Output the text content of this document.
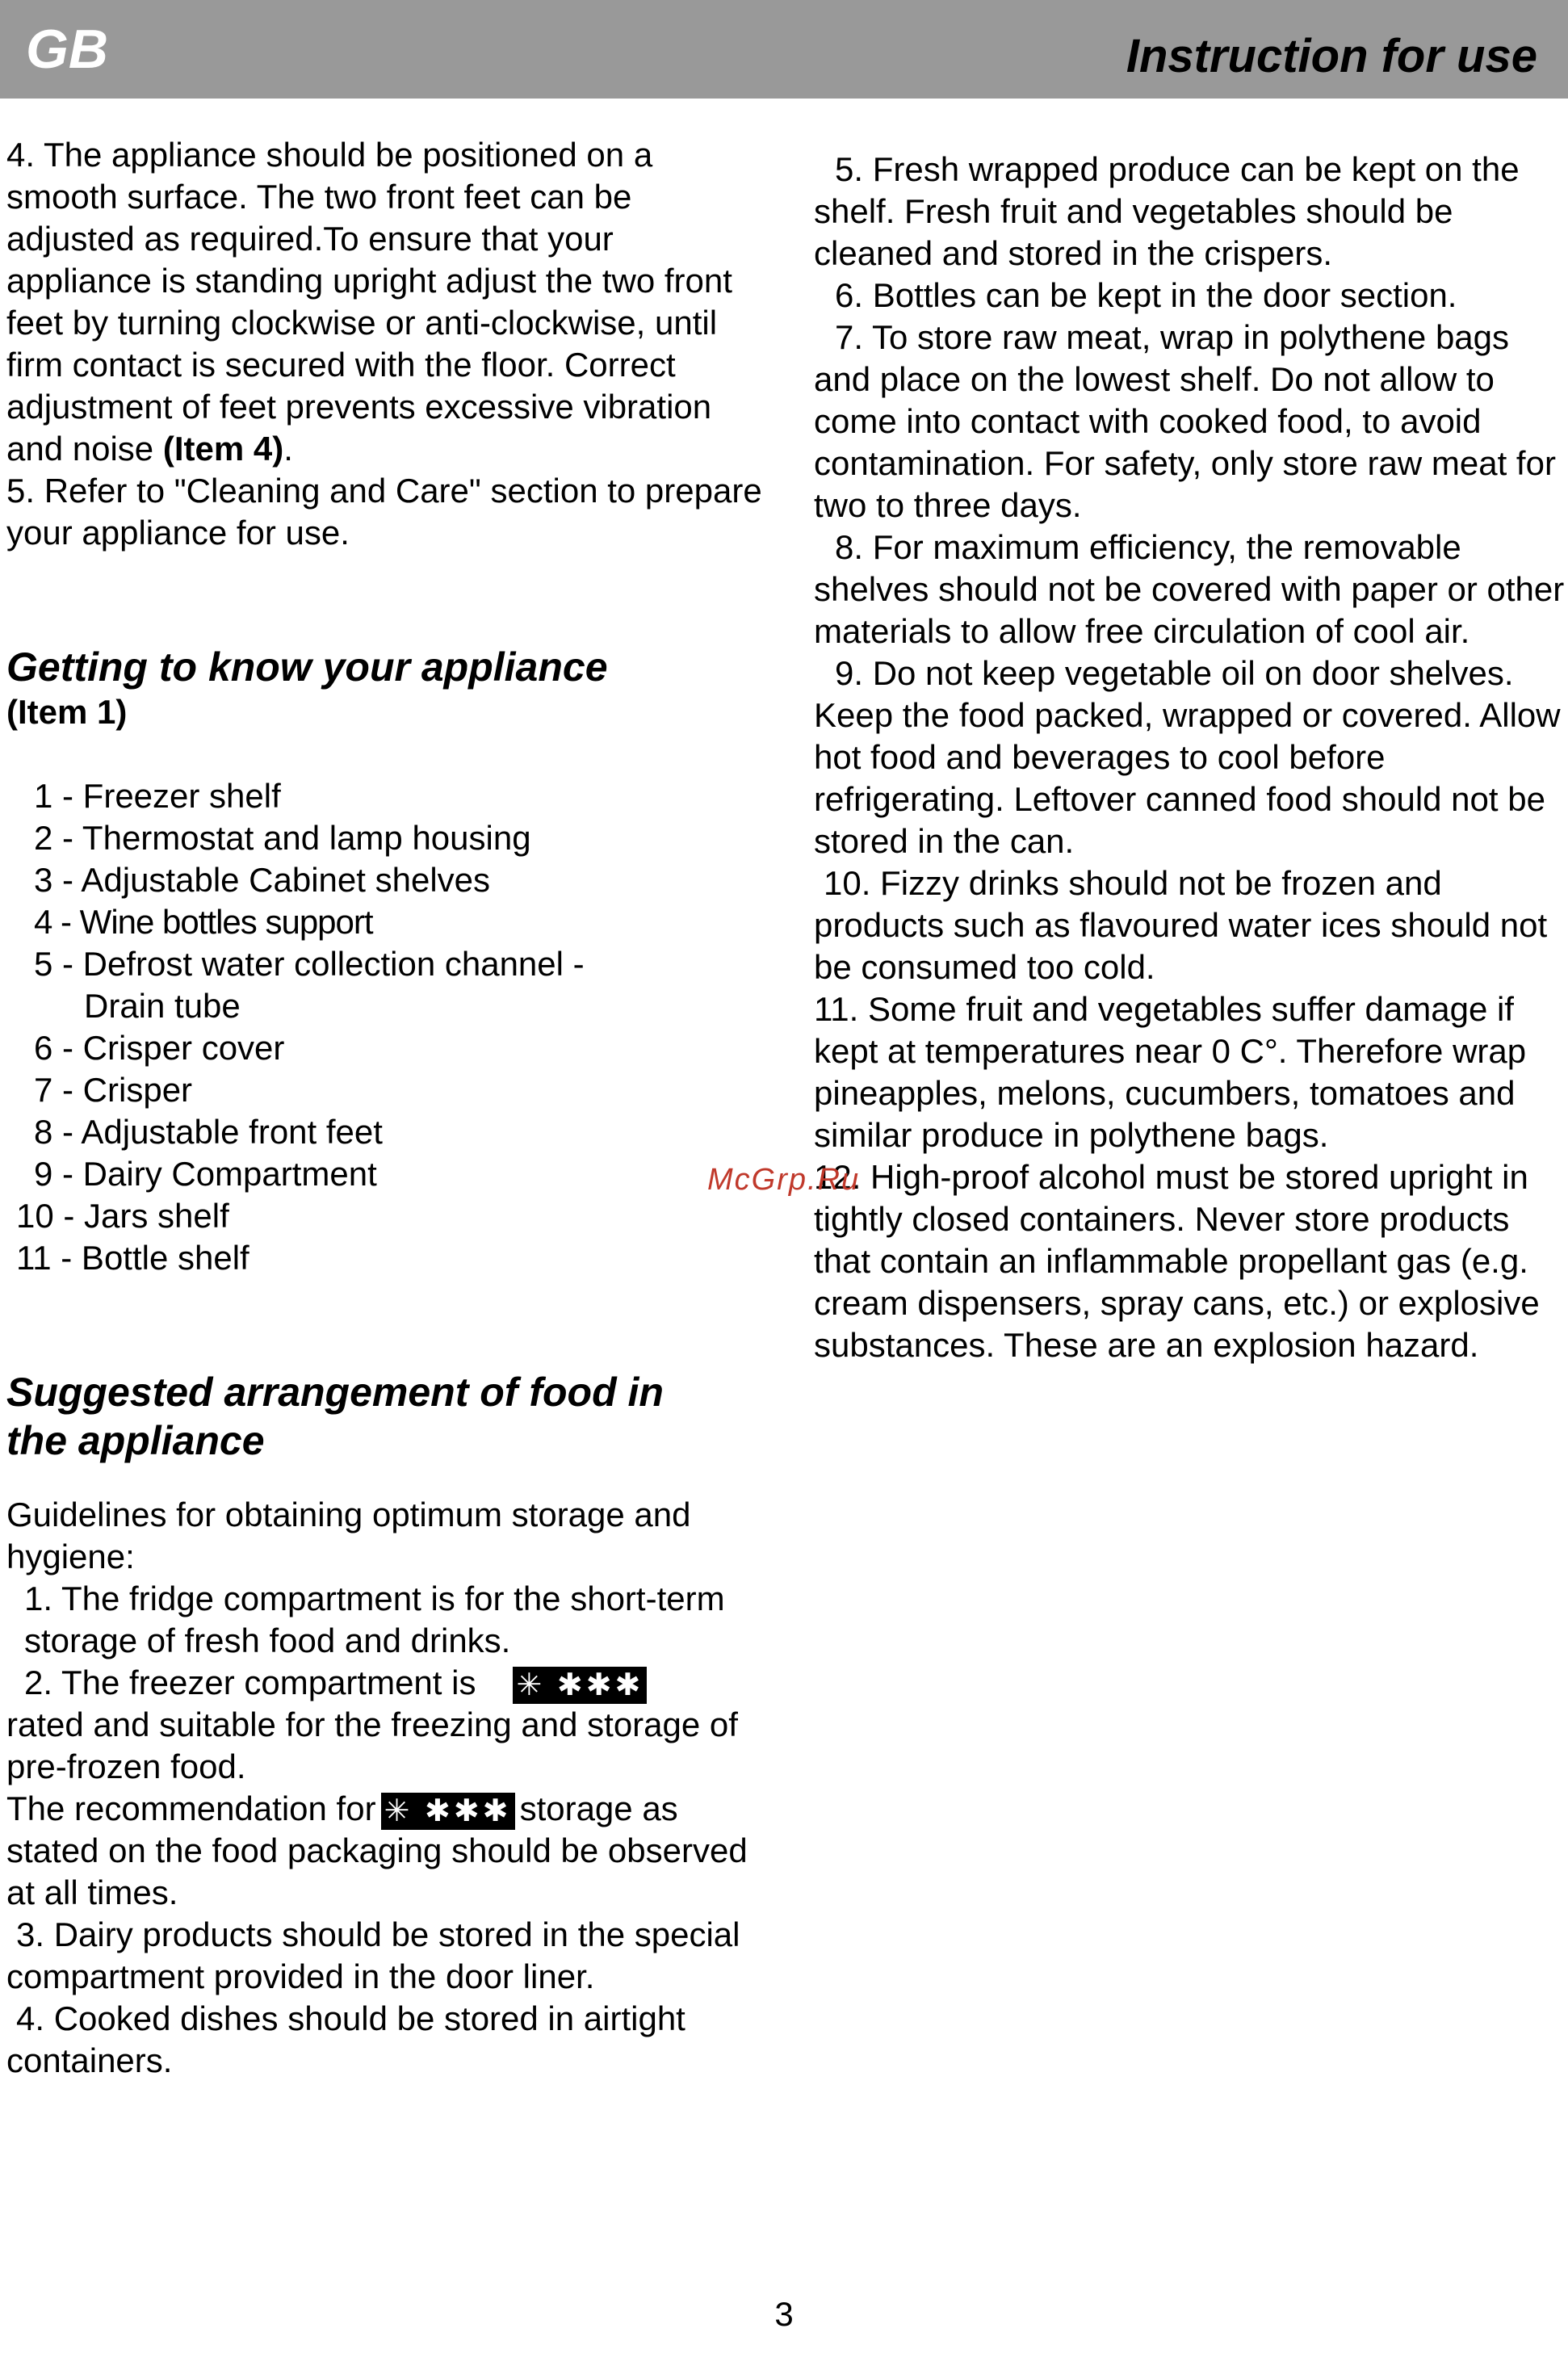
GB	Instruction for use

4. The appliance should be positioned on a smooth surface. The two front feet can be adjusted as required.To ensure that your appliance is standing upright adjust the two front feet by turning clockwise or anti-clockwise, until firm contact is secured with the floor. Correct adjustment of feet prevents excessive vibration and noise (Item 4).

5. Refer to "Cleaning and Care" section to prepare your appliance for use.

Getting to know your appliance

(Item 1)

1 - Freezer shelf

2 - Thermostat and lamp housing

3 - Adjustable Cabinet shelves

4 - Wine bottles support

5 - Defrost water collection channel -

Drain tube

6 - Crisper cover

7 - Crisper

8 - Adjustable front feet

9 - Dairy Compartment

10 - Jars shelf

11 - Bottle shelf

Suggested arrangement of food in
the appliance

Guidelines for obtaining optimum storage and hygiene:

1. The fridge compartment is for the short-term storage of fresh food and drinks.

2. The freezer compartment is ✳ ✱✱✱
rated and suitable for the freezing and storage of pre-frozen food.

The recommendation for ✳ ✱✱✱ storage as stated on the food packaging should be observed at all times.

3. Dairy products should be stored in the special compartment provided in the door liner.

4. Cooked dishes should be stored in airtight containers.

5. Fresh wrapped produce can be kept on the shelf. Fresh fruit and vegetables should be cleaned and stored in the crispers.

6. Bottles can be kept in the door section.

7. To store raw meat, wrap in polythene bags and place on the lowest shelf. Do not allow to come into contact with cooked food, to avoid contamination. For safety, only store raw meat for two to three days.

8. For maximum efficiency, the removable shelves should not be covered with paper or other materials to allow free circulation of cool air.

9. Do not keep vegetable oil on door shelves. Keep the food packed, wrapped or covered. Allow hot food and beverages to cool before refrigerating. Leftover canned food should not be stored in the can.

10. Fizzy drinks should not be frozen and products such as flavoured water ices should not be consumed too cold.

11. Some fruit and vegetables suffer damage if kept at temperatures near 0 C°. Therefore wrap pineapples, melons, cucumbers, tomatoes and similar produce in polythene bags.

12. High-proof alcohol must be stored upright in tightly closed containers. Never store products that contain an inflammable propellant gas (e.g. cream dispensers, spray cans, etc.) or explosive substances. These are an explosion hazard.

McGrp.Ru
3
